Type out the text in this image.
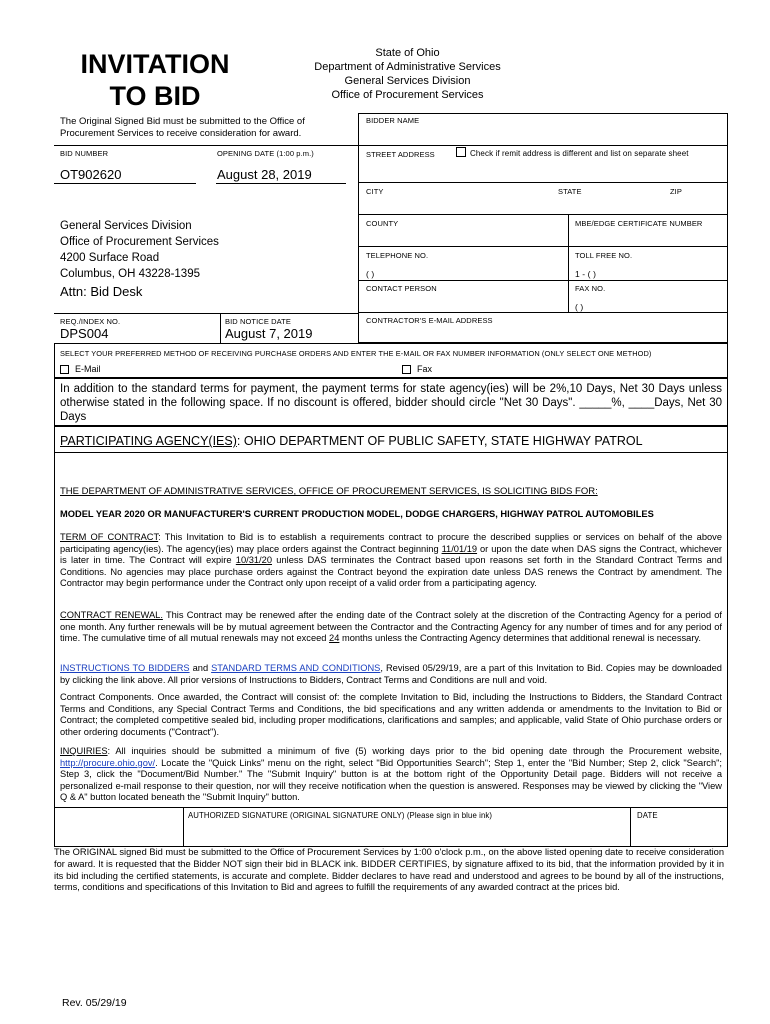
INVITATION
TO BID
State of Ohio
Department of Administrative Services
General Services Division
Office of Procurement Services
The Original Signed Bid must be submitted to the Office of Procurement Services to receive consideration for award.
BID NUMBER
OT902620
OPENING DATE (1:00 p.m.)
August 28, 2019
General Services Division
Office of Procurement Services
4200 Surface Road
Columbus, OH 43228-1395
Attn: Bid Desk
REQ./INDEX NO.
DPS004
BID NOTICE DATE
August 7, 2019
BIDDER NAME
STREET ADDRESS	Check if remit address is different and list on separate sheet
CITY	STATE	ZIP
COUNTY	MBE/EDGE CERTIFICATE NUMBER
TELEPHONE NO.
( )
TOLL FREE NO.
1 - ( )
CONTACT PERSON	FAX NO.
( )
CONTRACTOR'S E-MAIL ADDRESS
SELECT YOUR PREFERRED METHOD OF RECEIVING PURCHASE ORDERS AND ENTER THE E-MAIL OR FAX NUMBER INFORMATION (ONLY SELECT ONE METHOD)
E-Mail	Fax
In addition to the standard terms for payment, the payment terms for state agency(ies) will be 2%,10 Days, Net 30 Days unless otherwise stated in the following space. If no discount is offered, bidder should circle "Net 30 Days". _____%, ____Days, Net 30 Days
PARTICIPATING AGENCY(IES): OHIO DEPARTMENT OF PUBLIC SAFETY, STATE HIGHWAY PATROL
THE DEPARTMENT OF ADMINISTRATIVE SERVICES, OFFICE OF PROCUREMENT SERVICES, IS SOLICITING BIDS FOR:
MODEL YEAR 2020 OR MANUFACTURER'S CURRENT PRODUCTION MODEL, DODGE CHARGERS, HIGHWAY PATROL AUTOMOBILES
TERM OF CONTRACT: This Invitation to Bid is to establish a requirements contract to procure the described supplies or services on behalf of the above participating agency(ies). The agency(ies) may place orders against the Contract beginning 11/01/19 or upon the date when DAS signs the Contract, whichever is later in time. The Contract will expire 10/31/20 unless DAS terminates the Contract based upon reasons set forth in the Standard Contract Terms and Conditions. No agencies may place purchase orders against the Contract beyond the expiration date unless DAS renews the Contract by amendment. The Contractor may begin performance under the Contract only upon receipt of a valid order from a participating agency.
CONTRACT RENEWAL. This Contract may be renewed after the ending date of the Contract solely at the discretion of the Contracting Agency for a period of one month. Any further renewals will be by mutual agreement between the Contractor and the Contracting Agency for any number of times and for any period of time. The cumulative time of all mutual renewals may not exceed 24 months unless the Contracting Agency determines that additional renewal is necessary.
INSTRUCTIONS TO BIDDERS and STANDARD TERMS AND CONDITIONS, Revised 05/29/19, are a part of this Invitation to Bid. Copies may be downloaded by clicking the link above. All prior versions of Instructions to Bidders, Contract Terms and Conditions are null and void.
Contract Components. Once awarded, the Contract will consist of: the complete Invitation to Bid, including the Instructions to Bidders, the Standard Contract Terms and Conditions, any Special Contract Terms and Conditions, the bid specifications and any written addenda or amendments to the Invitation to Bid or Contract; the completed competitive sealed bid, including proper modifications, clarifications and samples; and applicable, valid State of Ohio purchase orders or other ordering documents ("Contract").
INQUIRIES: All inquiries should be submitted a minimum of five (5) working days prior to the bid opening date through the Procurement website, http://procure.ohio.gov/. Locate the "Quick Links" menu on the right, select "Bid Opportunities Search"; Step 1, enter the "Bid Number; Step 2, click "Search"; Step 3, click the "Document/Bid Number." The "Submit Inquiry" button is at the bottom right of the Opportunity Detail page. Bidders will not receive a personalized e-mail response to their question, nor will they receive notification when the question is answered. Responses may be viewed by clicking the "View Q & A" button located beneath the "Submit Inquiry" button.
AUTHORIZED SIGNATURE (ORIGINAL SIGNATURE ONLY) (Please sign in blue ink)	DATE
The ORIGINAL signed Bid must be submitted to the Office of Procurement Services by 1:00 o'clock p.m., on the above listed opening date to receive consideration for award. It is requested that the Bidder NOT sign their bid in BLACK ink. BIDDER CERTIFIES, by signature affixed to its bid, that the information provided by it in its bid including the certified statements, is accurate and complete. Bidder declares to have read and understood and agrees to be bound by all of the instructions, terms, conditions and specifications of this Invitation to Bid and agrees to fulfill the requirements of any awarded contract at the prices bid.
Rev. 05/29/19
